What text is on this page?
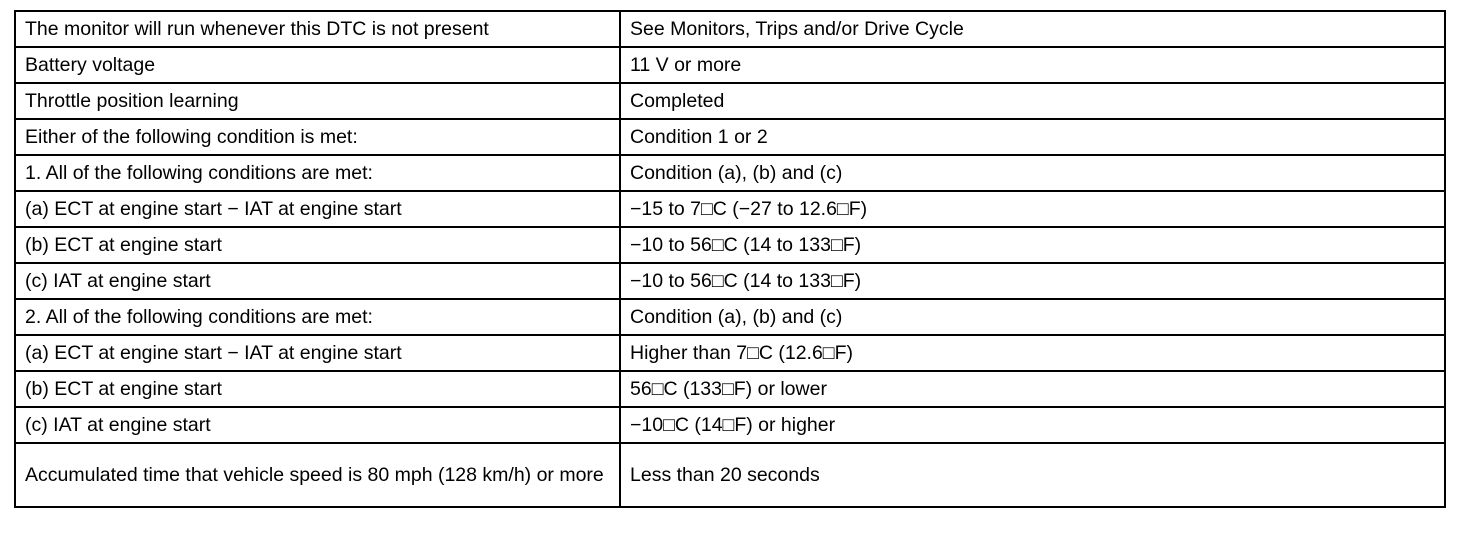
The monitor will run whenever this DTC is not present	See Monitors, Trips and/or Drive Cycle
Battery voltage	11 V or more
Throttle position learning	Completed
Either of the following condition is met:	Condition 1 or 2
1. All of the following conditions are met:	Condition (a), (b) and (c)
(a) ECT at engine start − IAT at engine start	−15 to 7□C (−27 to 12.6□F)
(b) ECT at engine start	−10 to 56□C (14 to 133□F)
(c) IAT at engine start	−10 to 56□C (14 to 133□F)
2. All of the following conditions are met:	Condition (a), (b) and (c)
(a) ECT at engine start − IAT at engine start	Higher than 7□C (12.6□F)
(b) ECT at engine start	56□C (133□F) or lower
(c) IAT at engine start	−10□C (14□F) or higher
Accumulated time that vehicle speed is 80 mph (128 km/h) or more	Less than 20 seconds
